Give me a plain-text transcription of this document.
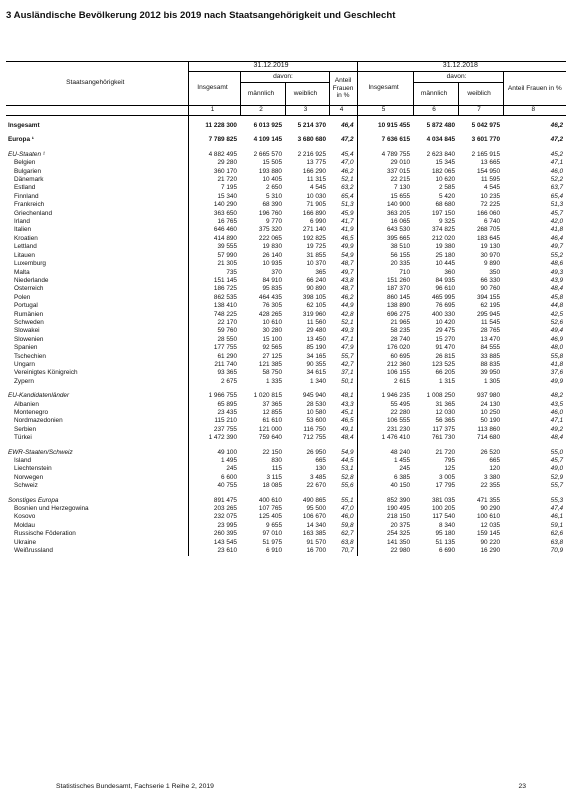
3 Ausländische Bevölkerung 2012 bis 2019 nach Staatsangehörigkeit und Geschlecht
Staatsangehörigkeit	31.12.2019				31.12.2018			
	Insgesamt	davon:		Anteil Frauen in %	Insgesamt	davon:		Anteil Frauen in %
		männlich	weiblich			männlich	weiblich	
	1	2	3	4	5	6	7	8

Insgesamt	11 228 300	6 013 925	5 214 370	46,4	10 915 455	5 872 480	5 042 975	46,2

Europa ¹	7 789 825	4 109 145	3 680 680	47,2	7 636 615	4 034 845	3 601 770	47,2

EU-Staaten ¹	4 882 495	2 665 570	2 216 925	45,4	4 789 755	2 623 840	2 165 915	45,2
Belgien	29 280	15 505	13 775	47,0	29 010	15 345	13 665	47,1
Bulgarien	360 170	193 880	166 290	46,2	337 015	182 065	154 950	46,0
Dänemark	21 720	10 405	11 315	52,1	22 215	10 620	11 595	52,2
Estland	7 195	2 650	4 545	63,2	7 130	2 585	4 545	63,7
Finnland	15 340	5 310	10 030	65,4	15 655	5 420	10 235	65,4
Frankreich	140 290	68 390	71 905	51,3	140 900	68 680	72 225	51,3
Griechenland	363 650	196 760	166 890	45,9	363 205	197 150	166 060	45,7
Irland	16 765	9 770	6 990	41,7	16 065	9 325	6 740	42,0
Italien	646 460	375 320	271 140	41,9	643 530	374 825	268 705	41,8
Kroatien	414 890	222 065	192 825	46,5	395 665	212 020	183 645	46,4
Lettland	39 555	19 830	19 725	49,9	38 510	19 380	19 130	49,7
Litauen	57 990	26 140	31 855	54,9	56 155	25 180	30 970	55,2
Luxemburg	21 305	10 935	10 370	48,7	20 335	10 445	9 890	48,6
Malta	735	370	365	49,7	710	360	350	49,3
Niederlande	151 145	84 910	66 240	43,8	151 260	84 935	66 330	43,9
Österreich	186 725	95 835	90 890	48,7	187 370	96 610	90 760	48,4
Polen	862 535	464 435	398 105	46,2	860 145	465 995	394 155	45,8
Portugal	138 410	76 305	62 105	44,9	138 890	76 695	62 195	44,8
Rumänien	748 225	428 265	319 960	42,8	696 275	400 330	295 945	42,5
Schweden	22 170	10 610	11 560	52,1	21 965	10 420	11 545	52,6
Slowakei	59 760	30 280	29 480	49,3	58 235	29 475	28 765	49,4
Slowenien	28 550	15 100	13 450	47,1	28 740	15 270	13 470	46,9
Spanien	177 755	92 565	85 190	47,9	176 020	91 470	84 555	48,0
Tschechien	61 290	27 125	34 165	55,7	60 695	26 815	33 885	55,8
Ungarn	211 740	121 385	90 355	42,7	212 360	123 525	88 835	41,8
Vereinigtes Königreich	93 365	58 750	34 615	37,1	106 155	66 205	39 950	37,6
Zypern	2 675	1 335	1 340	50,1	2 615	1 315	1 305	49,9

EU-Kandidatenländer	1 966 755	1 020 815	945 940	48,1	1 946 235	1 008 250	937 980	48,2
Albanien	65 895	37 365	28 530	43,3	55 495	31 365	24 130	43,5
Montenegro	23 435	12 855	10 580	45,1	22 280	12 030	10 250	46,0
Nordmazedonien	115 210	61 610	53 600	46,5	106 555	56 365	50 190	47,1
Serbien	237 755	121 000	116 750	49,1	231 230	117 375	113 860	49,2
Türkei	1 472 390	759 640	712 755	48,4	1 476 410	761 730	714 680	48,4

EWR-Staaten/Schweiz	49 100	22 150	26 950	54,9	48 240	21 720	26 520	55,0
Island	1 495	830	665	44,5	1 455	795	665	45,7
Liechtenstein	245	115	130	53,1	245	125	120	49,0
Norwegen	6 600	3 115	3 485	52,8	6 385	3 005	3 380	52,9
Schweiz	40 755	18 085	22 670	55,6	40 150	17 795	22 355	55,7

Sonstiges Europa	891 475	400 610	490 865	55,1	852 390	381 035	471 355	55,3
Bosnien und Herzegowina	203 265	107 765	95 500	47,0	190 495	100 205	90 290	47,4
Kosovo	232 075	125 405	106 670	46,0	218 150	117 540	100 610	46,1
Moldau	23 995	9 655	14 340	59,8	20 375	8 340	12 035	59,1
Russische Föderation	260 395	97 010	163 385	62,7	254 325	95 180	159 145	62,6
Ukraine	143 545	51 975	91 570	63,8	141 350	51 135	90 220	63,8
Weißrussland	23 610	6 910	16 700	70,7	22 980	6 690	16 290	70,9
Statistisches Bundesamt, Fachserie 1 Reihe 2, 2019	23
